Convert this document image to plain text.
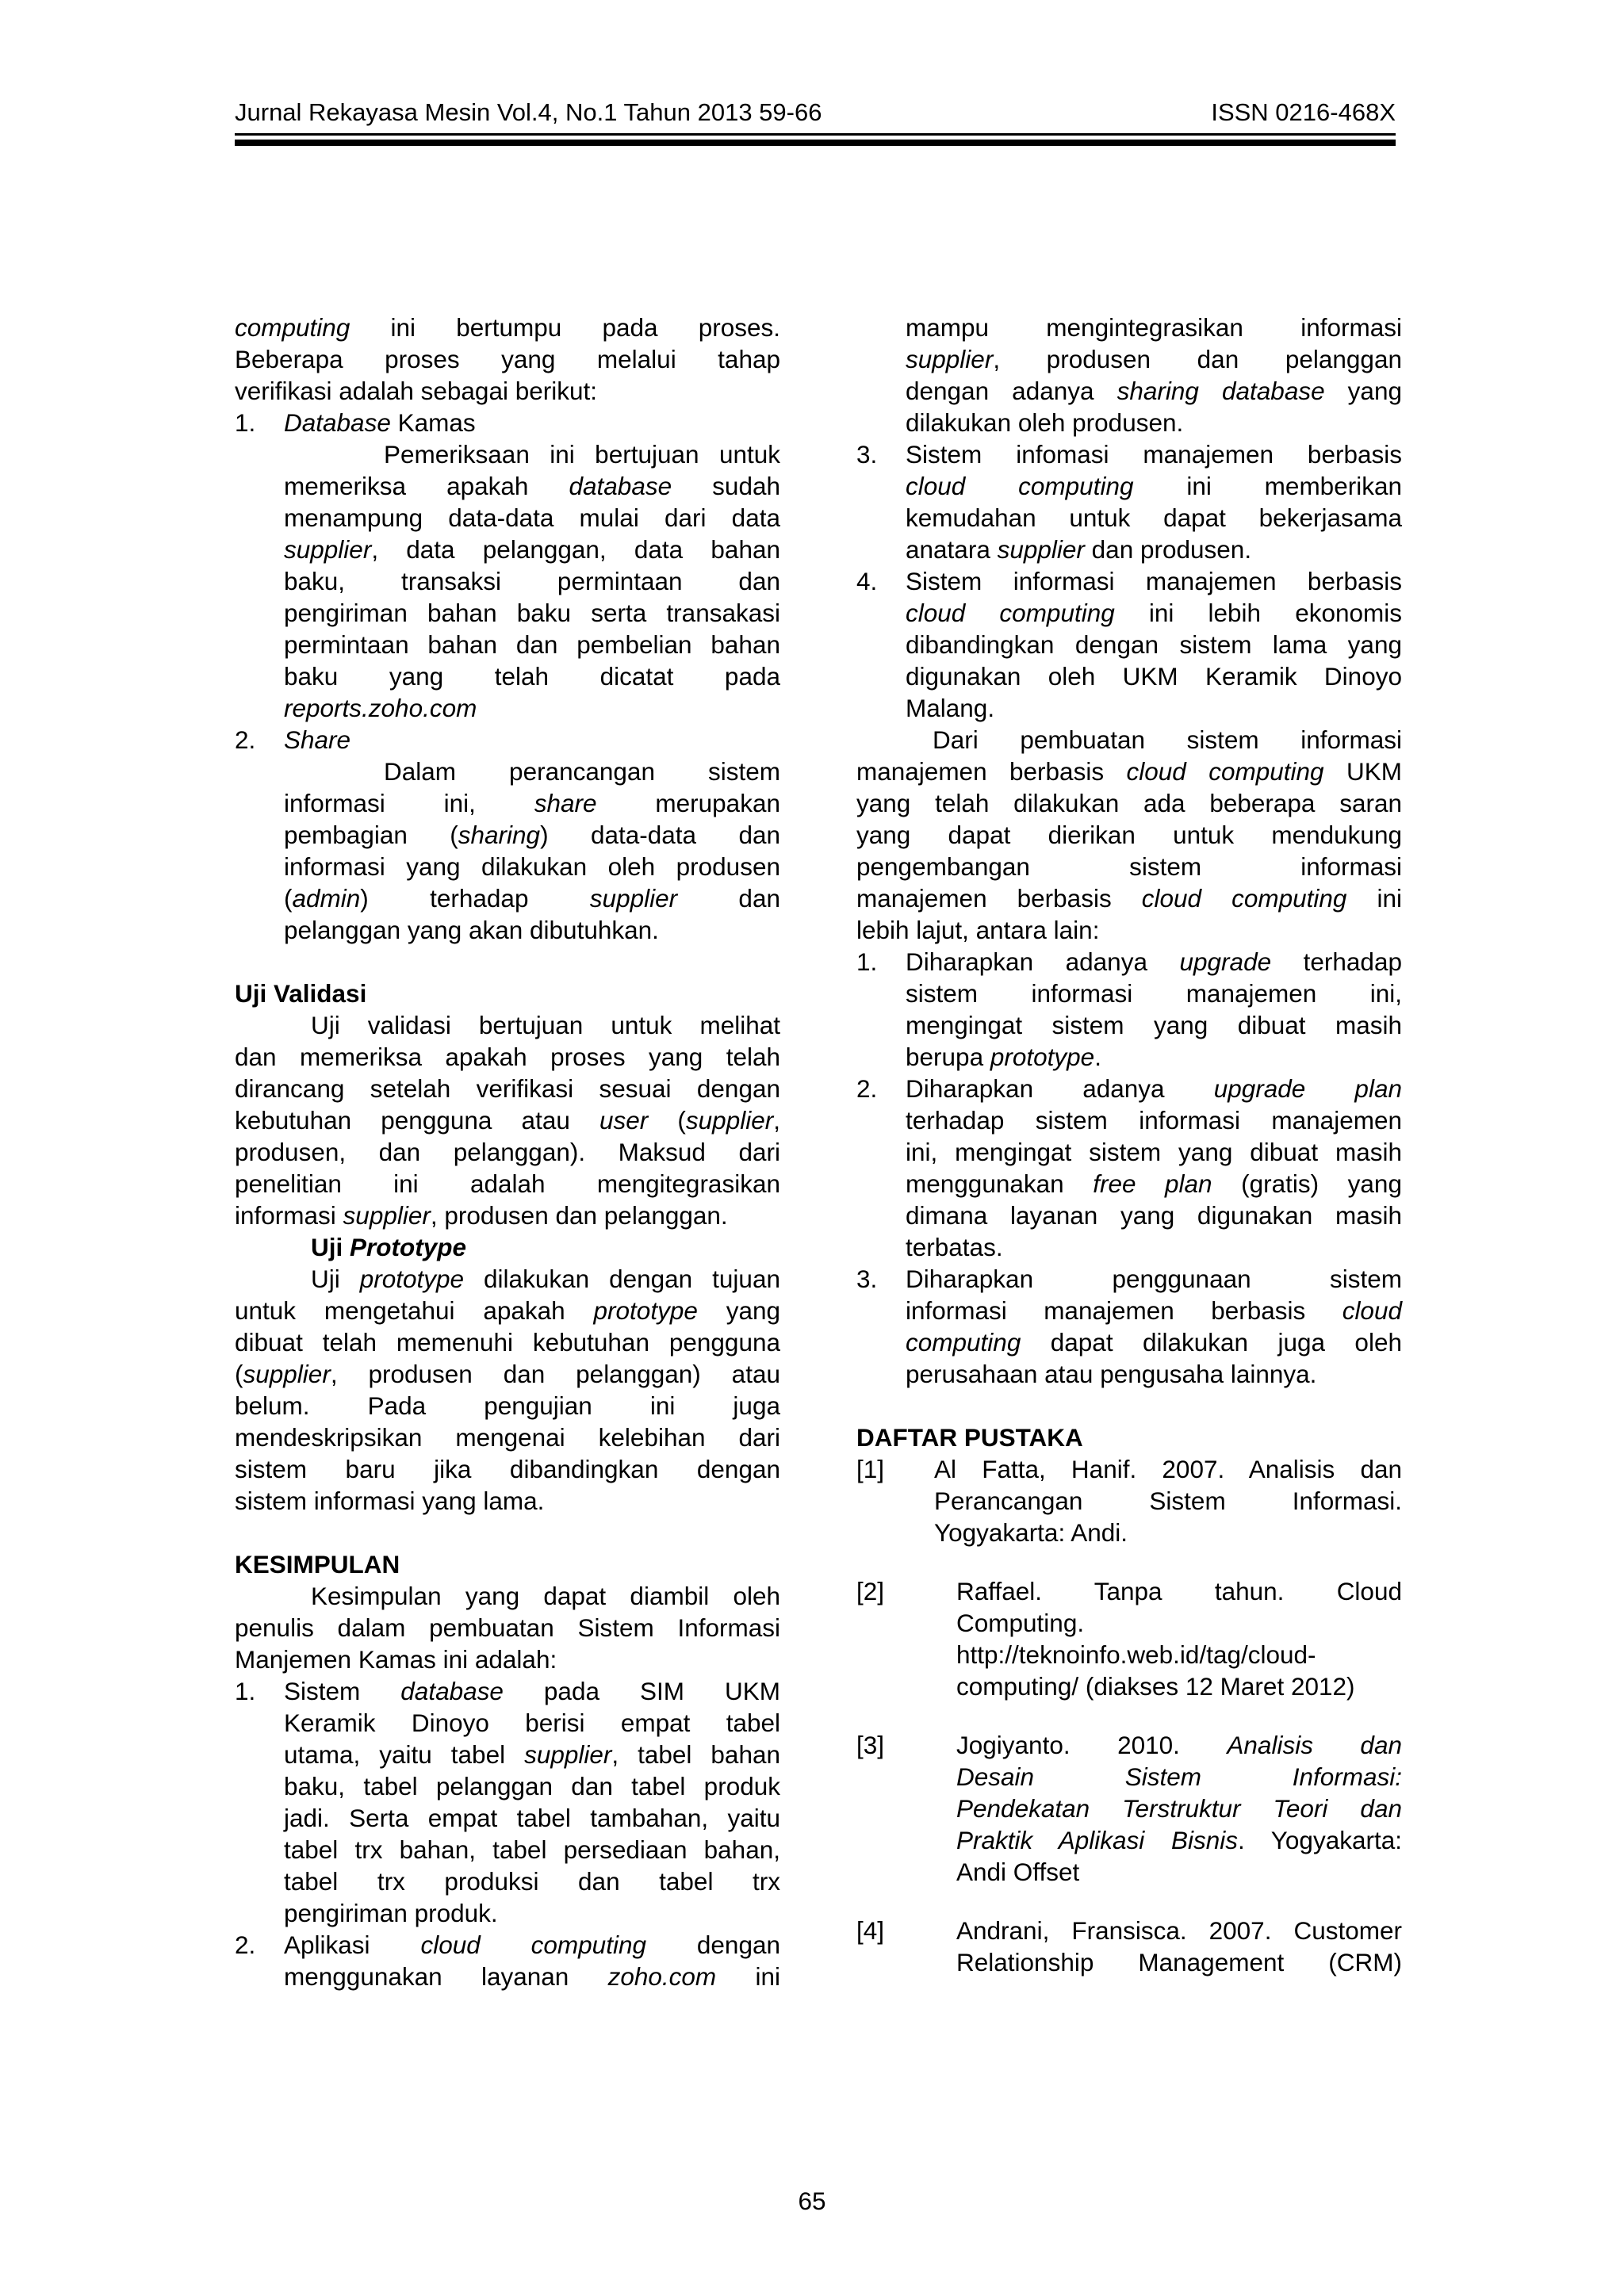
Jurnal Rekayasa Mesin Vol.4, No.1 Tahun 2013 59-66	ISSN 0216-468X

computing ini bertumpu pada proses.

Beberapa proses yang melalui tahap

verifikasi adalah sebagai berikut:

1. Database Kamas

Pemeriksaan ini bertujuan untuk

memeriksa apakah database sudah

menampung data-data mulai dari data

supplier, data pelanggan, data bahan

baku, transaksi permintaan dan

pengiriman bahan baku serta transakasi

permintaan bahan dan pembelian bahan

baku yang telah dicatat pada

reports.zoho.com

2. Share

Dalam perancangan sistem

informasi ini, share merupakan

pembagian (sharing) data-data dan

informasi yang dilakukan oleh produsen

(admin) terhadap supplier dan

pelanggan yang akan dibutuhkan.

Uji Validasi

Uji validasi bertujuan untuk melihat

dan memeriksa apakah proses yang telah

dirancang setelah verifikasi sesuai dengan

kebutuhan pengguna atau user (supplier,

produsen, dan pelanggan). Maksud dari

penelitian ini adalah mengitegrasikan

informasi supplier, produsen dan pelanggan.

Uji Prototype

Uji prototype dilakukan dengan tujuan

untuk mengetahui apakah prototype yang

dibuat telah memenuhi kebutuhan pengguna

(supplier, produsen dan pelanggan) atau

belum. Pada pengujian ini juga

mendeskripsikan mengenai kelebihan dari

sistem baru jika dibandingkan dengan

sistem informasi yang lama.

KESIMPULAN

Kesimpulan yang dapat diambil oleh

penulis dalam pembuatan Sistem Informasi

Manjemen Kamas ini adalah:

1. Sistem database pada SIM UKM

Keramik Dinoyo berisi empat tabel

utama, yaitu tabel supplier, tabel bahan

baku, tabel pelanggan dan tabel produk

jadi. Serta empat tabel tambahan, yaitu

tabel trx bahan, tabel persediaan bahan,

tabel trx produksi dan tabel trx

pengiriman produk.

2. Aplikasi cloud computing dengan

menggunakan layanan zoho.com ini

mampu mengintegrasikan informasi

supplier, produsen dan pelanggan

dengan adanya sharing database yang

dilakukan oleh produsen.

3. Sistem infomasi manajemen berbasis

cloud computing ini memberikan

kemudahan untuk dapat bekerjasama

anatara supplier dan produsen.

4. Sistem informasi manajemen berbasis

cloud computing ini lebih ekonomis

dibandingkan dengan sistem lama yang

digunakan oleh UKM Keramik Dinoyo

Malang.

Dari pembuatan sistem informasi

manajemen berbasis cloud computing UKM

yang telah dilakukan ada beberapa saran

yang dapat dierikan untuk mendukung

pengembangan sistem informasi

manajemen berbasis cloud computing ini

lebih lajut, antara lain:

1. Diharapkan adanya upgrade terhadap

sistem informasi manajemen ini,

mengingat sistem yang dibuat masih

berupa prototype.

2. Diharapkan adanya upgrade plan

terhadap sistem informasi manajemen

ini, mengingat sistem yang dibuat masih

menggunakan free plan (gratis) yang

dimana layanan yang digunakan masih

terbatas.

3. Diharapkan penggunaan sistem

informasi manajemen berbasis cloud

computing dapat dilakukan juga oleh

perusahaan atau pengusaha lainnya.

DAFTAR PUSTAKA
[1] Al Fatta, Hanif. 2007. Analisis dan

Perancangan Sistem Informasi.

Yogyakarta: Andi.

[2]	Raffael. Tanpa tahun. Cloud

Computing.

http://teknoinfo.web.id/tag/cloud-

computing/ (diakses 12 Maret 2012)

[3]	Jogiyanto. 2010. Analisis dan

Desain Sistem Informasi:

Pendekatan Terstruktur Teori dan

Praktik Aplikasi Bisnis. Yogyakarta:

Andi Offset

[4]	Andrani, Fransisca. 2007. Customer

Relationship Management (CRM)

65
